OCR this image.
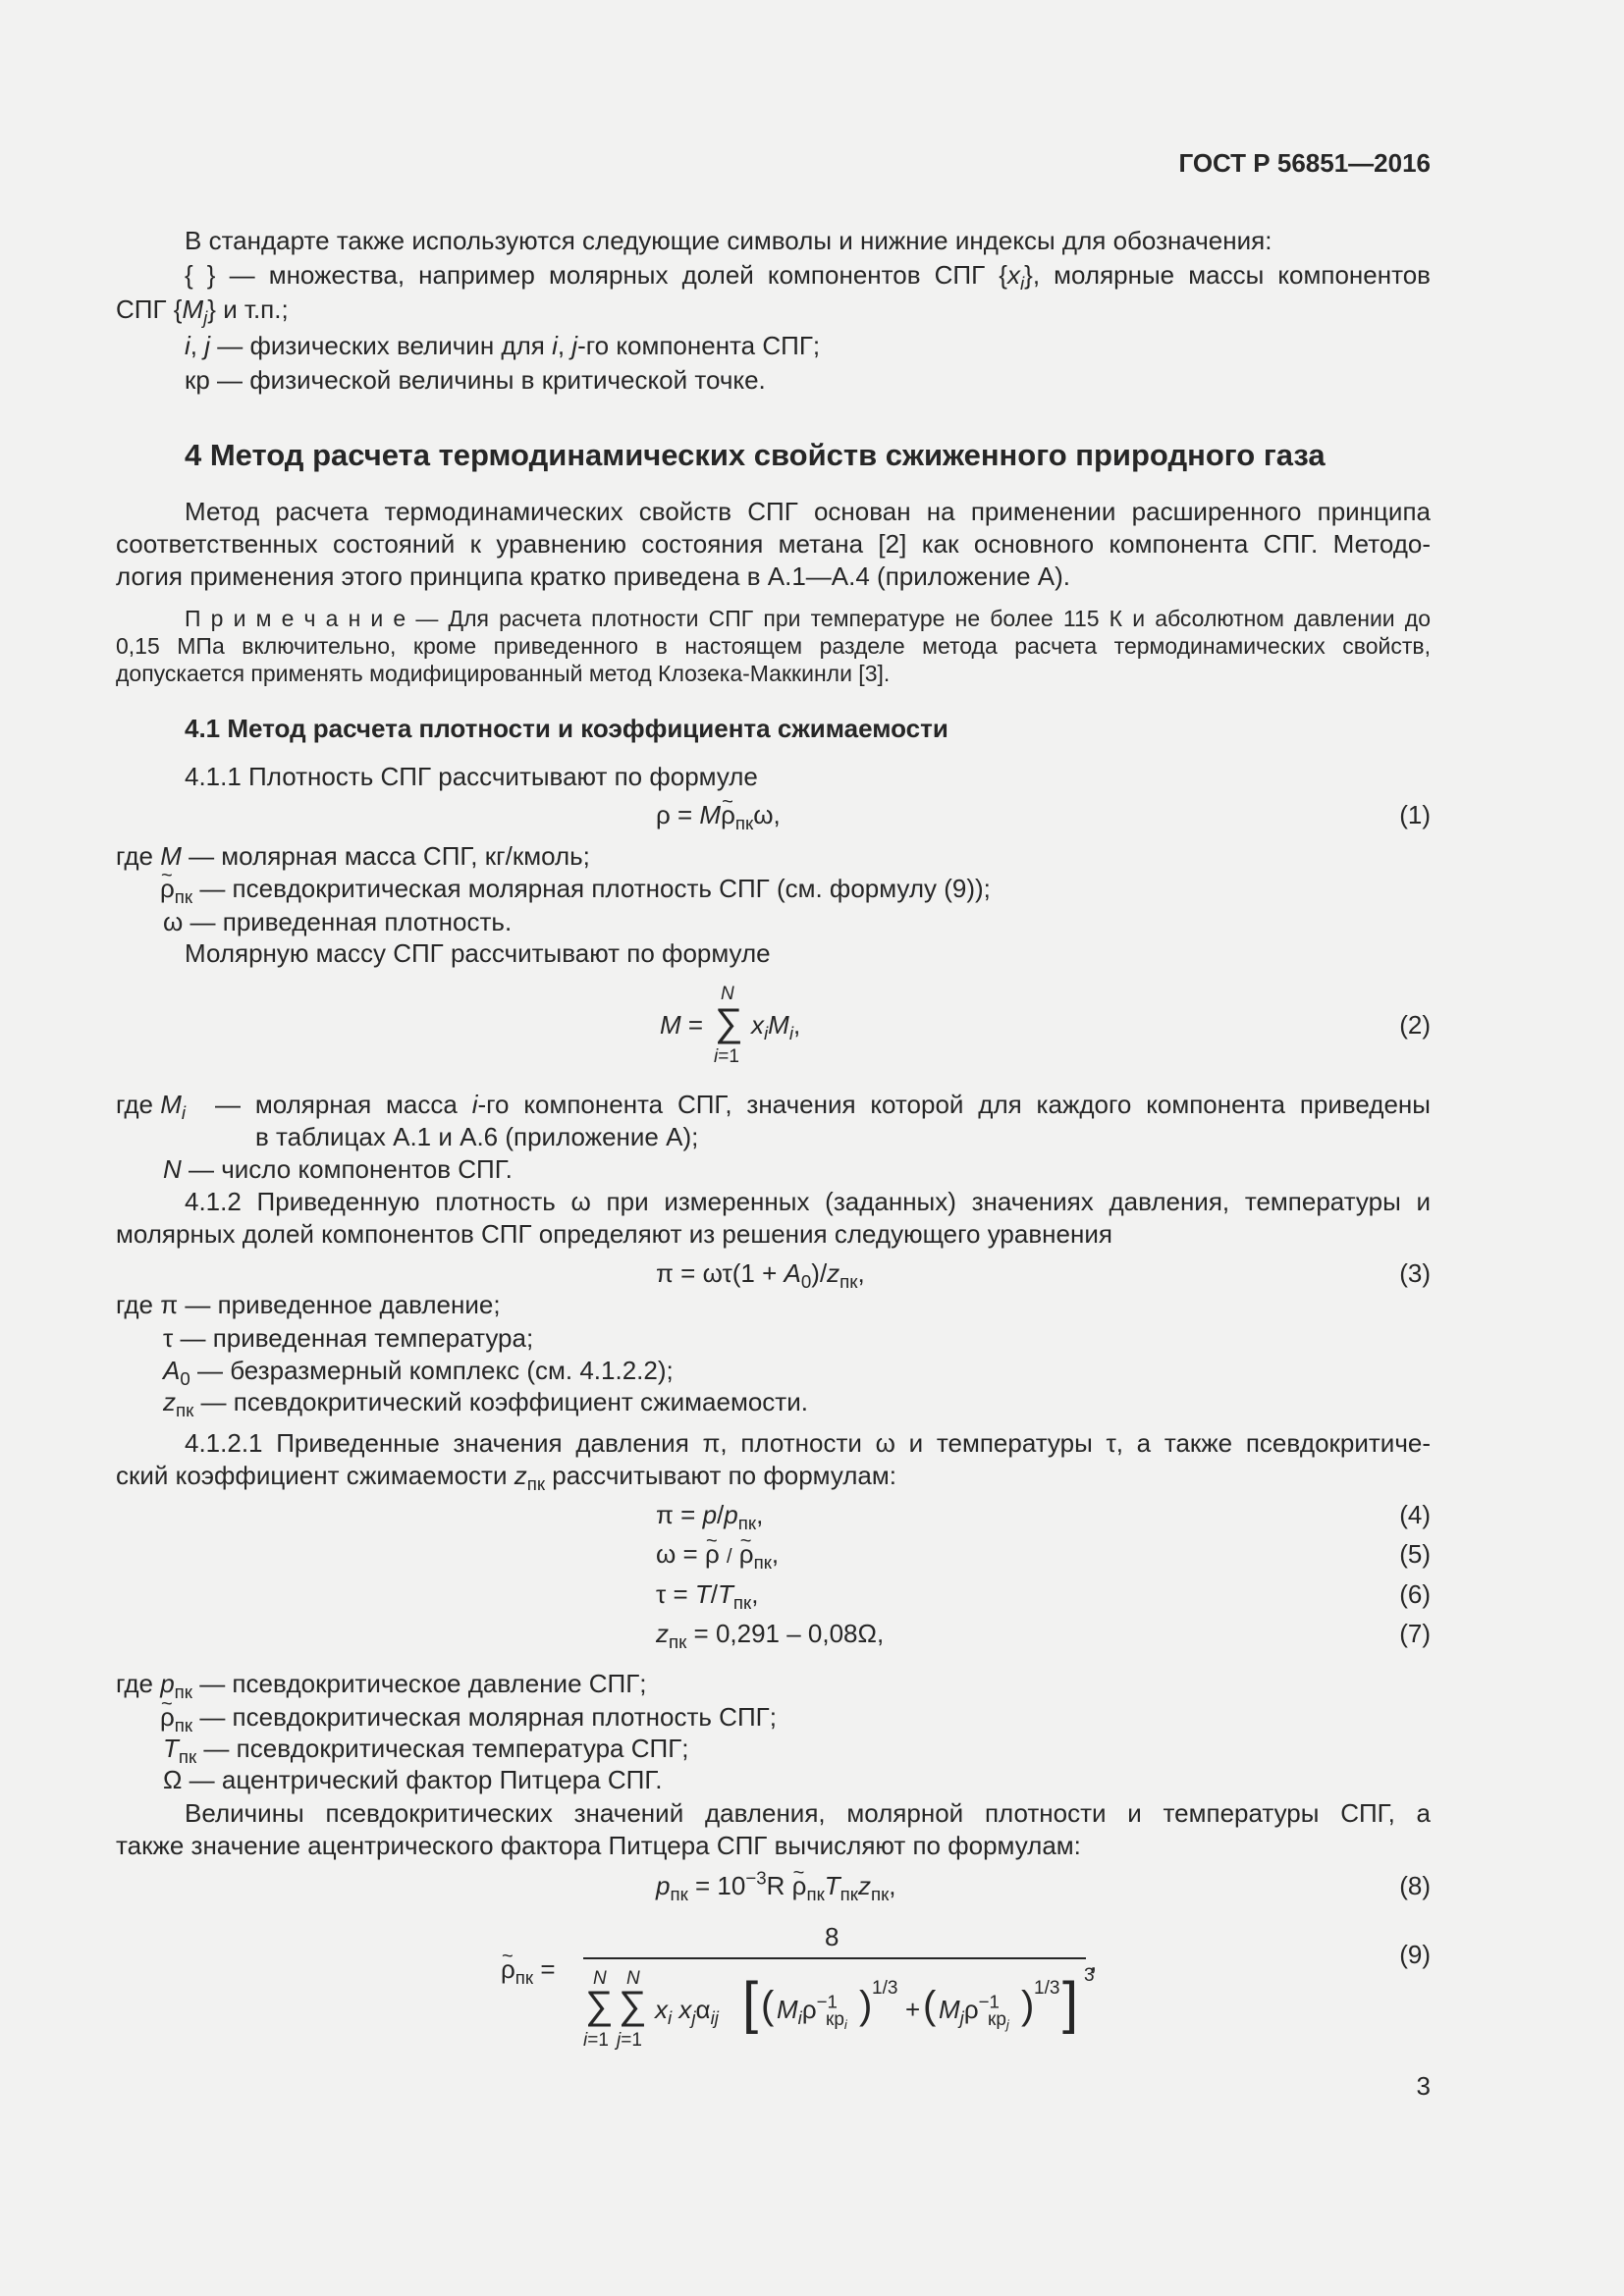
ГОСТ Р 56851—2016
В стандарте также используются следующие символы и нижние индексы для обозначения:
{ } — множества, например молярных долей компонентов СПГ $\{x_i\}$, молярные массы компонентов
СПГ $\{M_j\}$ и т.п.;
i, j — физических величин для i, j-го компонента СПГ;
кр — физической величины в критической точке.
4 Метод расчета термодинамических свойств сжиженного природного газа
Метод расчета термодинамических свойств СПГ основан на применении расширенного принципа
соответственных состояний к уравнению состояния метана [2] как основного компонента СПГ. Методо-
логия применения этого принципа кратко приведена в А.1—А.4 (приложение А).
П р и м е ч а н и е — Для расчета плотности СПГ при температуре не более 115 К и абсолютном давлении до
0,15 МПа включительно, кроме приведенного в настоящем разделе метода расчета термодинамических свойств,
допускается применять модифицированный метод Клозека-Маккинли [3].
4.1 Метод расчета плотности и коэффициента сжимаемости
4.1.1 Плотность СПГ рассчитывают по формуле
ρ = M~ $\rho_{пк}\omega$,	(1)
где M — молярная масса СПГ, кг/кмоль;
~ $\rho_{пк}$ — псевдокритическая молярная плотность СПГ (см. формулу (9));
ω — приведенная плотность.
Молярную массу СПГ рассчитывают по формуле
M =
N
∑
i=1
$x_iM_i$,	(2)
где $M_i$ — молярная масса i-го компонента СПГ, значения которой для каждого компонента приведены
в таблицах А.1 и А.6 (приложение А);
N — число компонентов СПГ.
4.1.2 Приведенную плотность ω при измеренных (заданных) значениях давления, температуры и
молярных долей компонентов СПГ определяют из решения следующего уравнения
$\pi = \omega\tau(1 + A_0)/z_{пк}$,	(3)
где π — приведенное давление;
τ — приведенная температура;
$A_0$ — безразмерный комплекс (см. 4.1.2.2);
$z_{пк}$ — псевдокритический коэффициент сжимаемости.
4.1.2.1 Приведенные значения давления π, плотности ω и температуры τ, а также псевдокритиче-
ский коэффициент сжимаемости $z_{пк}$ рассчитывают по формулам:
$\pi = p/p_{пк}$,	(4)
ω = ~ ρ / ~ $\rho_{пк}$,	(5)
$\tau = T/T_{пк}$,	(6)
$z_{пк} = 0,291 - 0,08\Omega$,	(7)
где $p_{пк}$ — псевдокритическое давление СПГ;
~ $\rho_{пк}$ — псевдокритическая молярная плотность СПГ;
$T_{пк}$ — псевдокритическая температура СПГ;
Ω — ацентрический фактор Питцера СПГ.
Величины псевдокритических значений давления, молярной плотности и температуры СПГ, а
также значение ацентрического фактора Питцера СПГ вычисляют по формулам:
$p_{пк} = 10^{-3}R$ ~ $\rho_{пк}T_{пк}z_{пк}$,	(8)
~ $\rho_{пк}$ =
8
,
N
∑
i=1
N
∑
j=1
$x_i$ $x_j\alpha_{ij}$ [ ( $M_i\rho^{-1}$
$кр_i$ ) 1/3
+ ( $M_j\rho^{-1}$
$кр_j$ ) 1/3 ] 3
(9)
3
